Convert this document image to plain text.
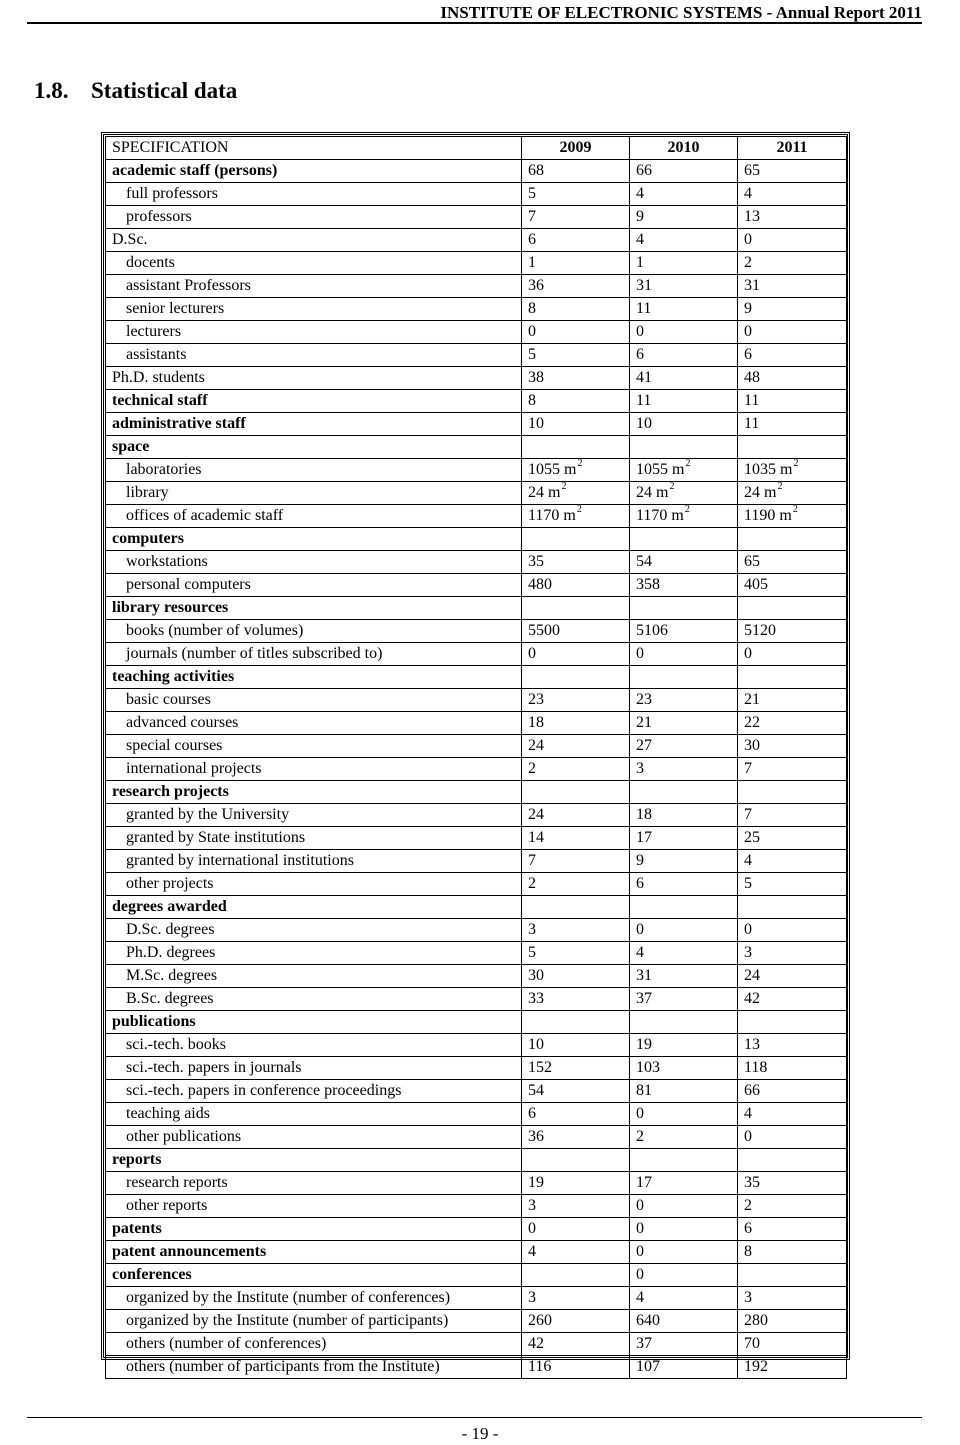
INSTITUTE OF ELECTRONIC SYSTEMS - Annual Report 2011
1.8. Statistical data
SPECIFICATION	2009	2010	2011
academic staff (persons)	68	66	65
full professors	5	4	4
professors	7	9	13
D.Sc.	6	4	0
docents	1	1	2
assistant Professors	36	31	31
senior lecturers	8	11	9
lecturers	0	0	0
assistants	5	6	6
Ph.D. students	38	41	48
technical staff	8	11	11
administrative staff	10	10	11
space			
laboratories	1055 $m^2$	1055 $m^2$	1035 $m^2$
library	24 $m^2$	24 $m^2$	24 $m^2$
offices of academic staff	1170 $m^2$	1170 $m^2$	1190 $m^2$
computers			
workstations	35	54	65
personal computers	480	358	405
library resources			
books (number of volumes)	5500	5106	5120
journals (number of titles subscribed to)	0	0	0
teaching activities			
basic courses	23	23	21
advanced courses	18	21	22
special courses	24	27	30
international projects	2	3	7
research projects			
granted by the University	24	18	7
granted by State institutions	14	17	25
granted by international institutions	7	9	4
other projects	2	6	5
degrees awarded			
D.Sc. degrees	3	0	0
Ph.D. degrees	5	4	3
M.Sc. degrees	30	31	24
B.Sc. degrees	33	37	42
publications			
sci.-tech. books	10	19	13
sci.-tech. papers in journals	152	103	118
sci.-tech. papers in conference proceedings	54	81	66
teaching aids	6	0	4
other publications	36	2	0
reports			
research reports	19	17	35
other reports	3	0	2
patents	0	0	6
patent announcements	4	0	8
conferences		0	
organized by the Institute (number of conferences)	3	4	3
organized by the Institute (number of participants)	260	640	280
others (number of conferences)	42	37	70
others (number of participants from the Institute)	116	107	192
- 19 -
